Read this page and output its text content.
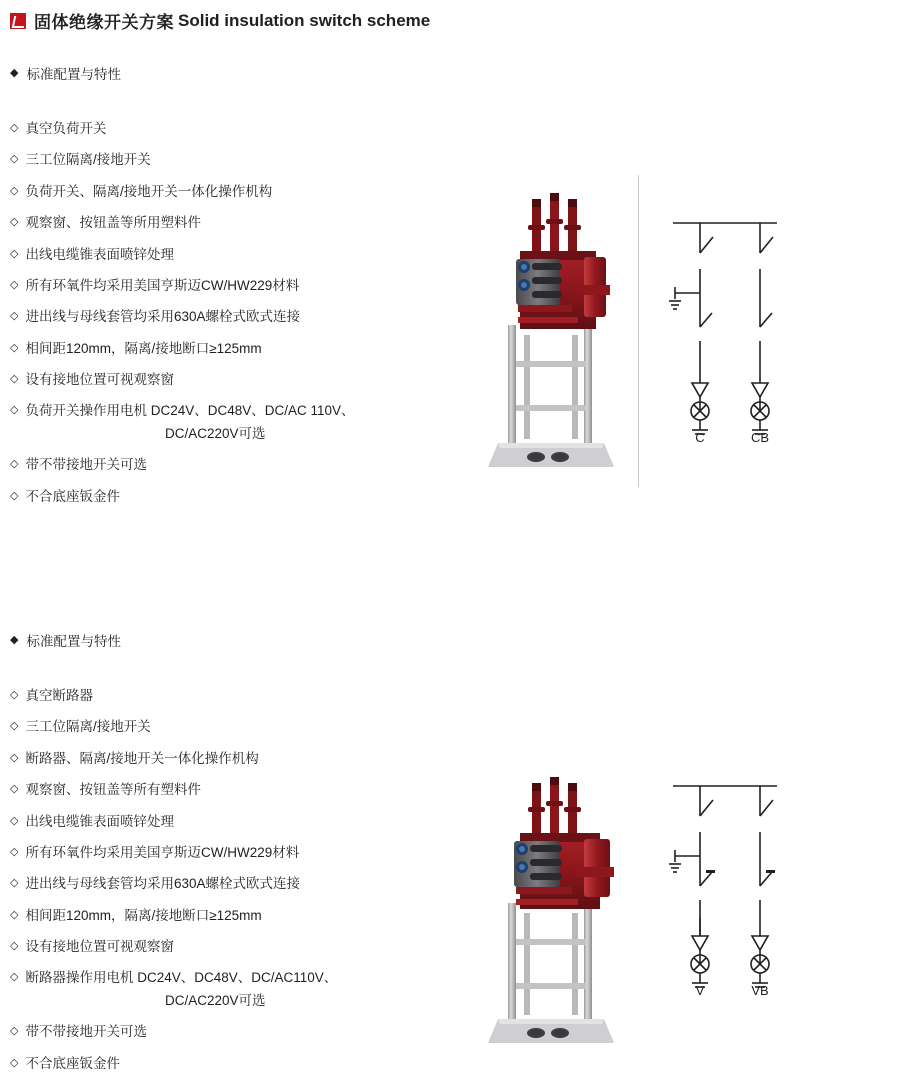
固体绝缘开关方案 Solid insulation switch scheme
◆ 标准配置与特性
◇ 真空负荷开关
◇ 三工位隔离/接地开关
◇ 负荷开关、隔离/接地开关一体化操作机构
◇ 观察窗、按钮盖等所用塑料件
◇ 出线电缆锥表面喷锌处理
◇ 所有环氧件均采用美国亨斯迈CW/HW229材料
◇ 进出线与母线套管均采用630A螺栓式欧式连接
◇ 相间距120mm，隔离/接地断口≥125mm
◇ 设有接地位置可视观察窗
◇ 负荷开关操作用电机 DC24V、DC48V、DC/AC 110V、
DC/AC220V可选
◇ 带不带接地开关可选
◇ 不合底座钣金件
C	CB
◆ 标准配置与特性
◇ 真空断路器
◇ 三工位隔离/接地开关
◇ 断路器、隔离/接地开关一体化操作机构
◇ 观察窗、按钮盖等所有塑料件
◇ 出线电缆锥表面喷锌处理
◇ 所有环氧件均采用美国亨斯迈CW/HW229材料
◇ 进出线与母线套管均采用630A螺栓式欧式连接
◇ 相间距120mm，隔离/接地断口≥125mm
◇ 设有接地位置可视观察窗
◇ 断路器操作用电机 DC24V、DC48V、DC/AC110V、
DC/AC220V可选
◇ 带不带接地开关可选
◇ 不合底座钣金件
V	VB
